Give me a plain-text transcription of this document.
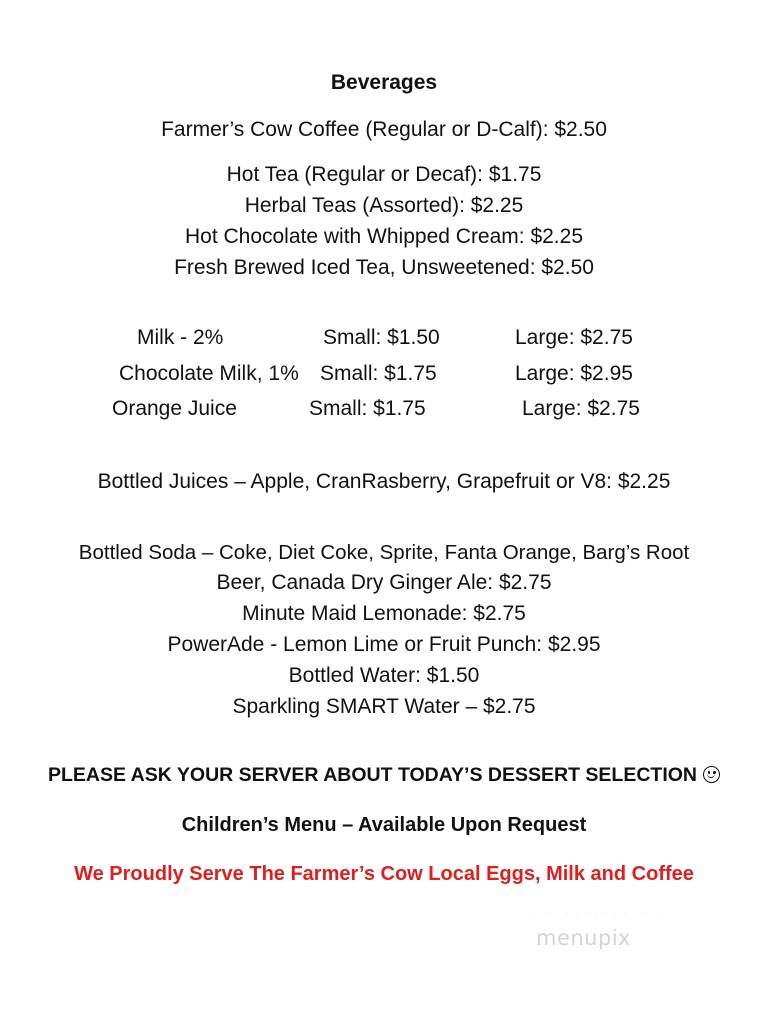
Beverages
Farmer’s Cow Coffee (Regular or D-Calf): $2.50
Hot Tea (Regular or Decaf): $1.75
Herbal Teas (Assorted): $2.25
Hot Chocolate with Whipped Cream: $2.25
Fresh Brewed Iced Tea, Unsweetened: $2.50
Milk - 2%	Small: $1.50	Large: $2.75
Chocolate Milk, 1% Small: $1.75	Large: $2.95
Orange Juice	Small: $1.75	Large: $2.75
Bottled Juices – Apple, CranRasberry, Grapefruit or V8: $2.25
Bottled Soda – Coke, Diet Coke, Sprite, Fanta Orange, Barg’s Root
Beer, Canada Dry Ginger Ale: $2.75
Minute Maid Lemonade: $2.75
PowerAde - Lemon Lime or Fruit Punch: $2.95
Bottled Water: $1.50
Sparkling SMART Water – $2.75
PLEASE ASK YOUR SERVER ABOUT TODAY’S DESSERT SELECTION
Children’s Menu – Available Upon Request
We Proudly Serve The Farmer’s Cow Local Eggs, Milk and Coffee
· · · · · · · · · · · · · · ·
menupix
